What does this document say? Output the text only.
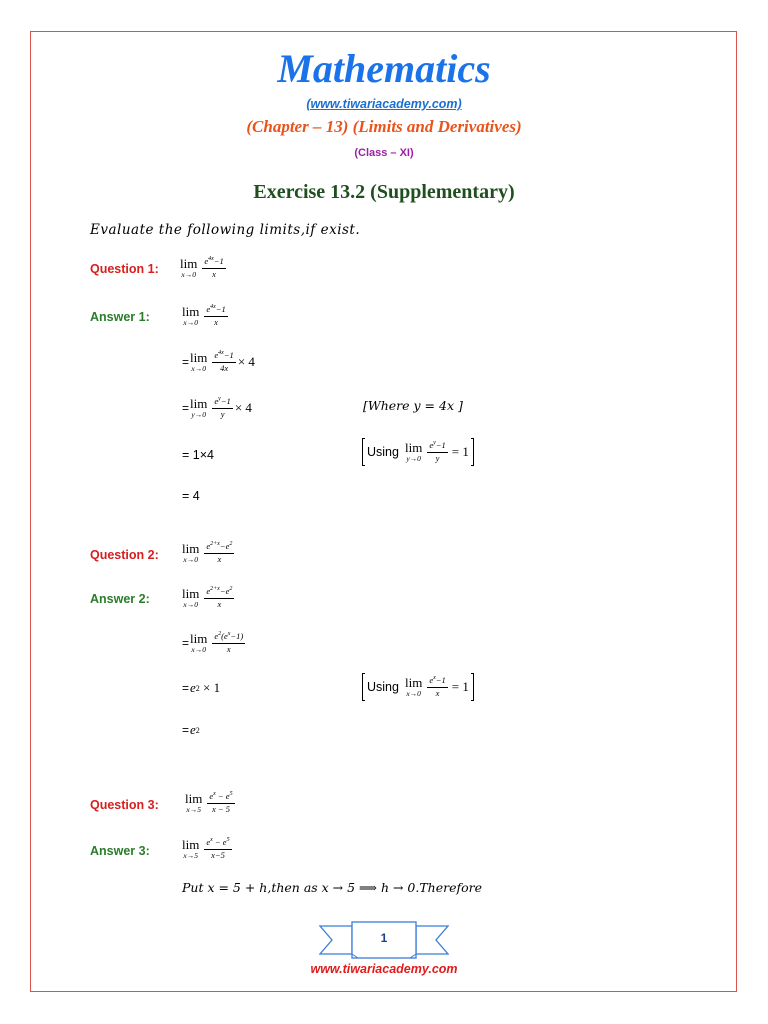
Mathematics
(www.tiwariacademy.com)
(Chapter – 13) (Limits and Derivatives)
(Class – XI)
Exercise 13.2 (Supplementary)
Evaluate the following limits,if exist.
Question 1: lim
$x\to 0 \frac{e^{4x}-1}{x}$
Answer 1: lim
$x\to 0 \frac{e^{4x}-1}{x}$
= lim
$x\to 0 \frac{e^{4x}-1}{4x} \times 4$
= lim
$y\to 0 \frac{e^y-1}{y} \times 4$	[Where y = 4x ]
= 1×4	Using lim
$y\to 0 \frac{e^y-1}{y} = 1$
= 4
Question 2: lim
$x\to 0 \frac{e^{2+x}-e^2}{x}$
Answer 2: lim
$x\to 0 \frac{e^{2+x}-e^2}{x}$
= lim
$x\to 0 \frac{e^2(e^x-1)}{x}$
= e 2
× 1	Using lim
$x\to 0 \frac{e^x-1}{x} = 1$
= e 2
Question 3: lim
$x\to 5 \frac{e^x - e^5}{x - 5}$
Answer 3: lim
$x\to 5 \frac{e^x - e^5}{x-5}$
Put x = 5 + h,then as x → 5 ⟹ h → 0.Therefore
1
www.tiwariacademy.com
